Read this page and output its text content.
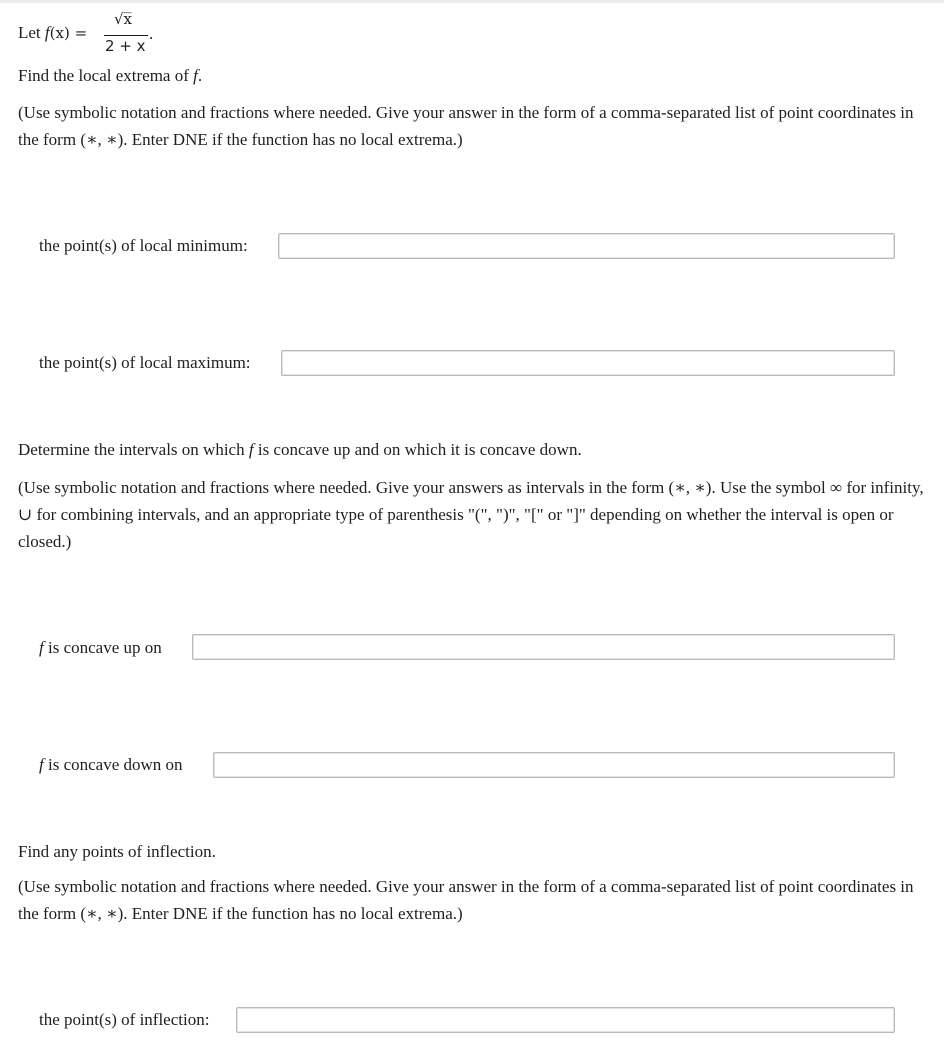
Let f(x) =
√x̅
2 + x
.
Find the local extrema of f.
(Use symbolic notation and fractions where needed. Give your answer in the form of a comma-separated list of point coordinates in the form (∗, ∗). Enter DNE if the function has no local extrema.)
the point(s) of local minimum:
the point(s) of local maximum:
Determine the intervals on which f is concave up and on which it is concave down.
(Use symbolic notation and fractions where needed. Give your answers as intervals in the form (∗, ∗). Use the symbol ∞ for infinity, ∪ for combining intervals, and an appropriate type of parenthesis "(", ")", "[" or "]" depending on whether the interval is open or closed.)
f is concave up on
f is concave down on
Find any points of inflection.
(Use symbolic notation and fractions where needed. Give your answer in the form of a comma-separated list of point coordinates in the form (∗, ∗). Enter DNE if the function has no local extrema.)
the point(s) of inflection:
